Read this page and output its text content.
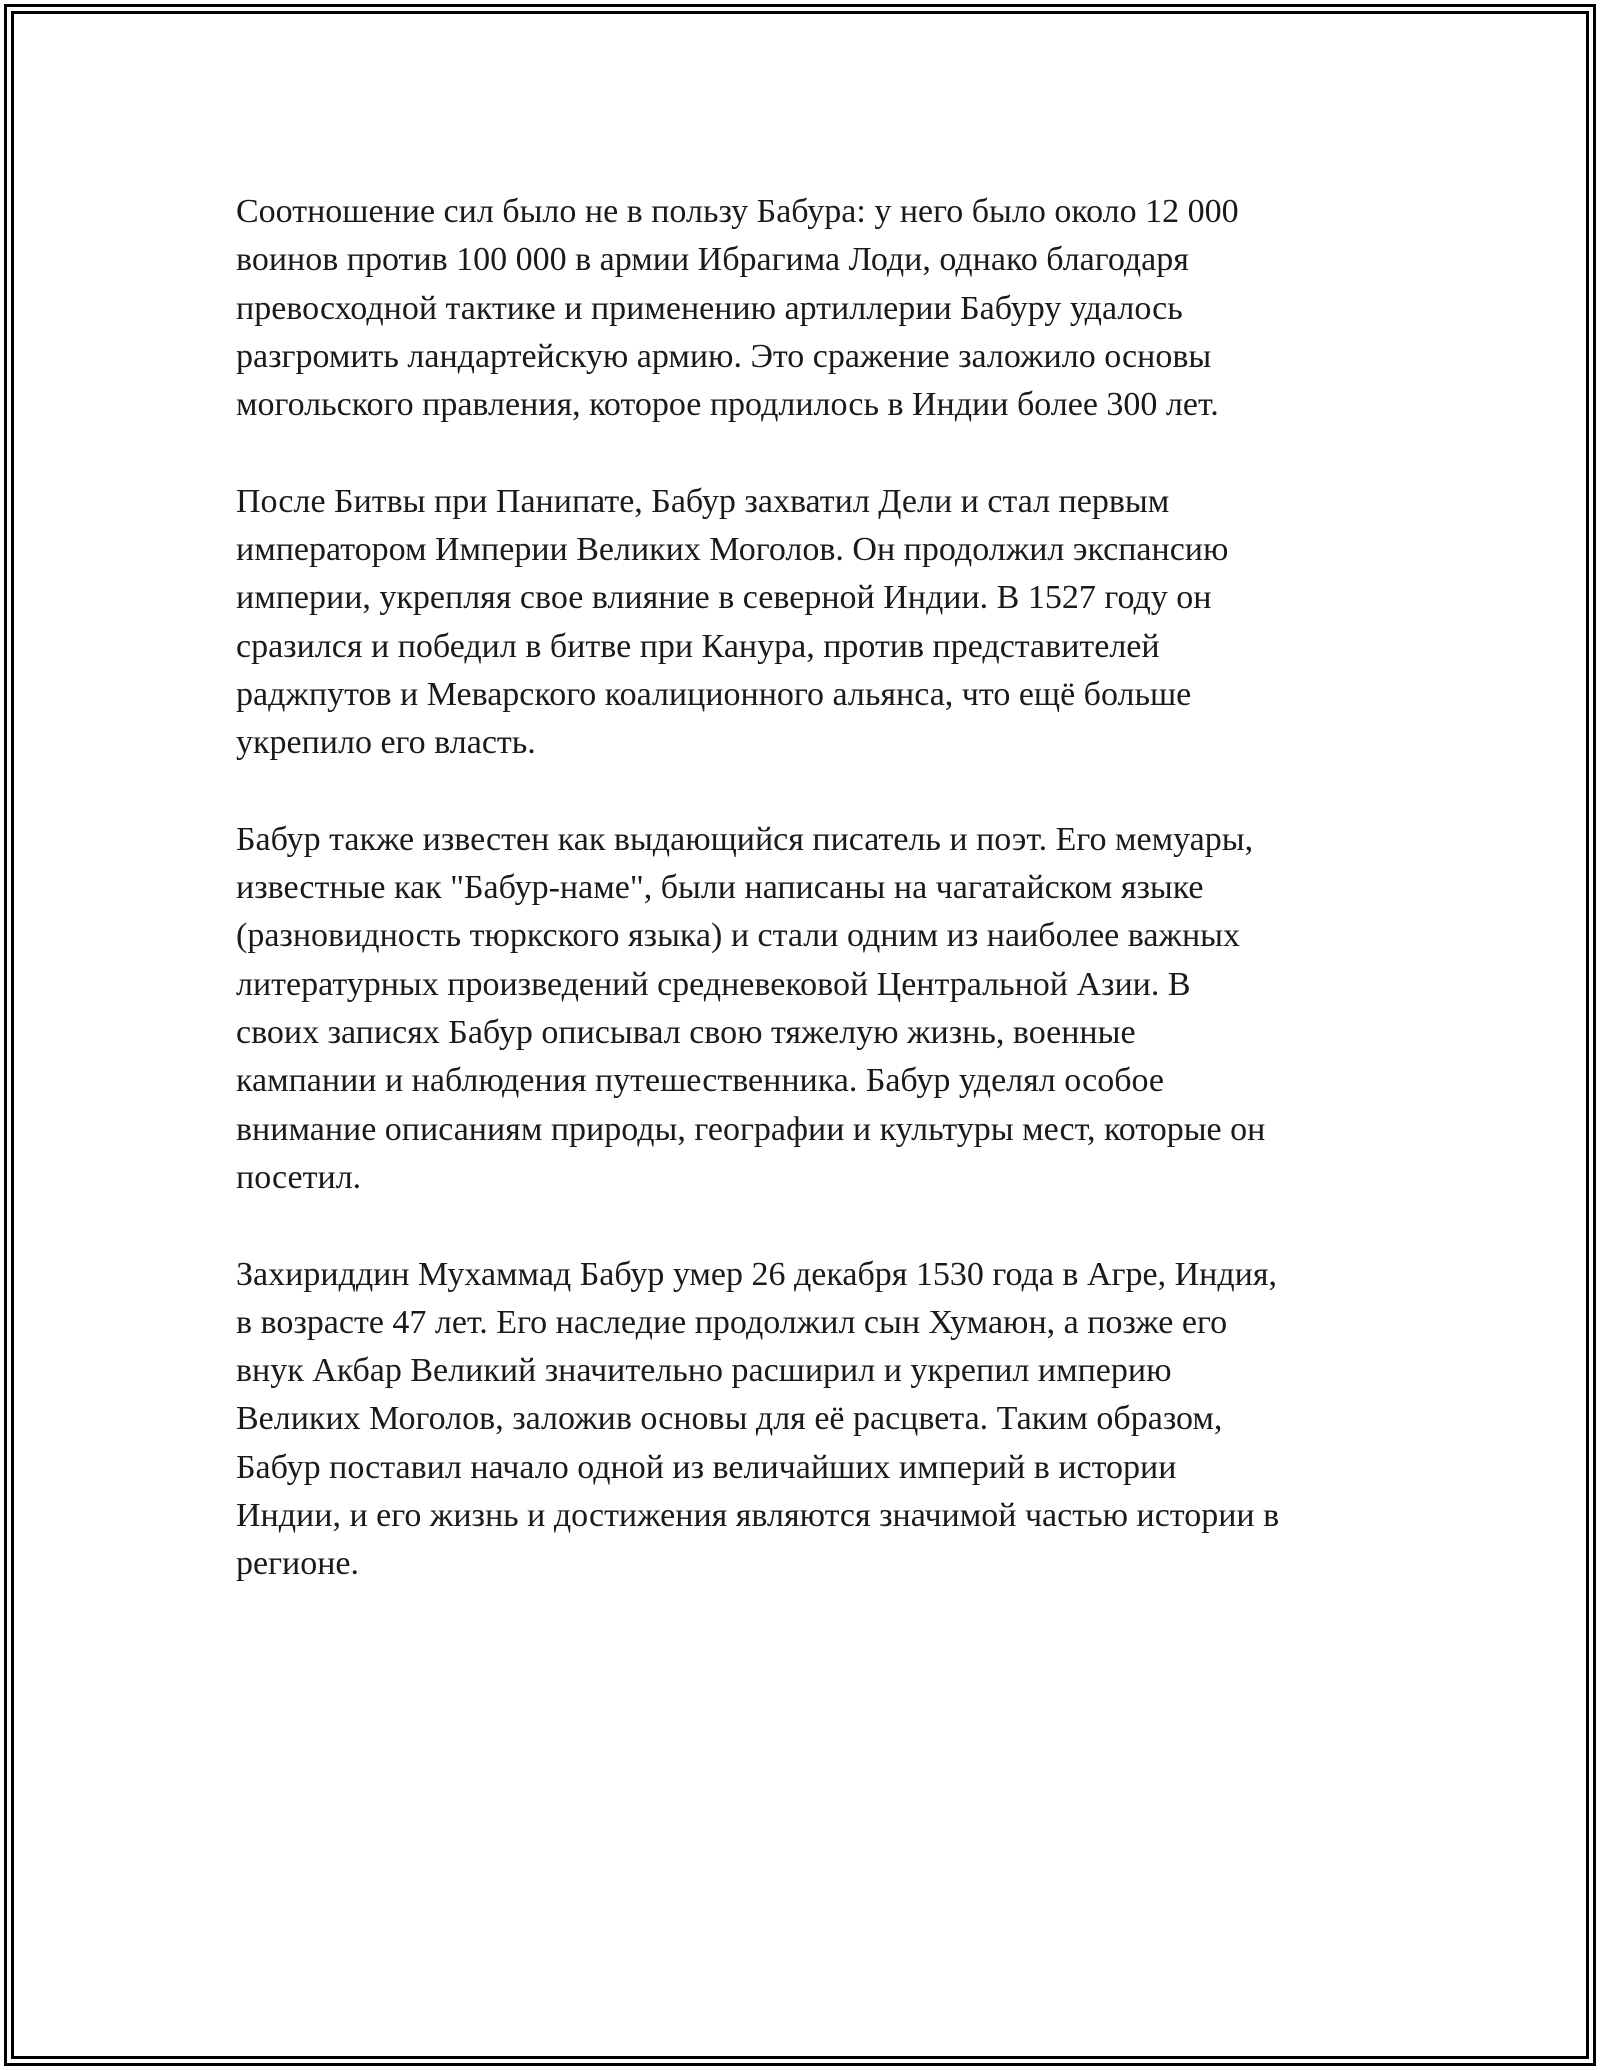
Соотношение сил было не в пользу Бабура: у него было около 12 000
воинов против 100 000 в армии Ибрагима Лоди, однако благодаря
превосходной тактике и применению артиллерии Бабуру удалось
разгромить ландартейскую армию. Это сражение заложило основы
могольского правления, которое продлилось в Индии более 300 лет.

После Битвы при Панипате, Бабур захватил Дели и стал первым
императором Империи Великих Моголов. Он продолжил экспансию
империи, укрепляя свое влияние в северной Индии. В 1527 году он
сразился и победил в битве при Канура, против представителей
раджпутов и Меварского коалиционного альянса, что ещё больше
укрепило его власть.

Бабур также известен как выдающийся писатель и поэт. Его мемуары,
известные как "Бабур-наме", были написаны на чагатайском языке
(разновидность тюркского языка) и стали одним из наиболее важных
литературных произведений средневековой Центральной Азии. В
своих записях Бабур описывал свою тяжелую жизнь, военные
кампании и наблюдения путешественника. Бабур уделял особое
внимание описаниям природы, географии и культуры мест, которые он
посетил.

Захириддин Мухаммад Бабур умер 26 декабря 1530 года в Агре, Индия,
в возрасте 47 лет. Его наследие продолжил сын Хумаюн, а позже его
внук Акбар Великий значительно расширил и укрепил империю
Великих Моголов, заложив основы для её расцвета. Таким образом,
Бабур поставил начало одной из величайших империй в истории
Индии, и его жизнь и достижения являются значимой частью истории в
регионе.
